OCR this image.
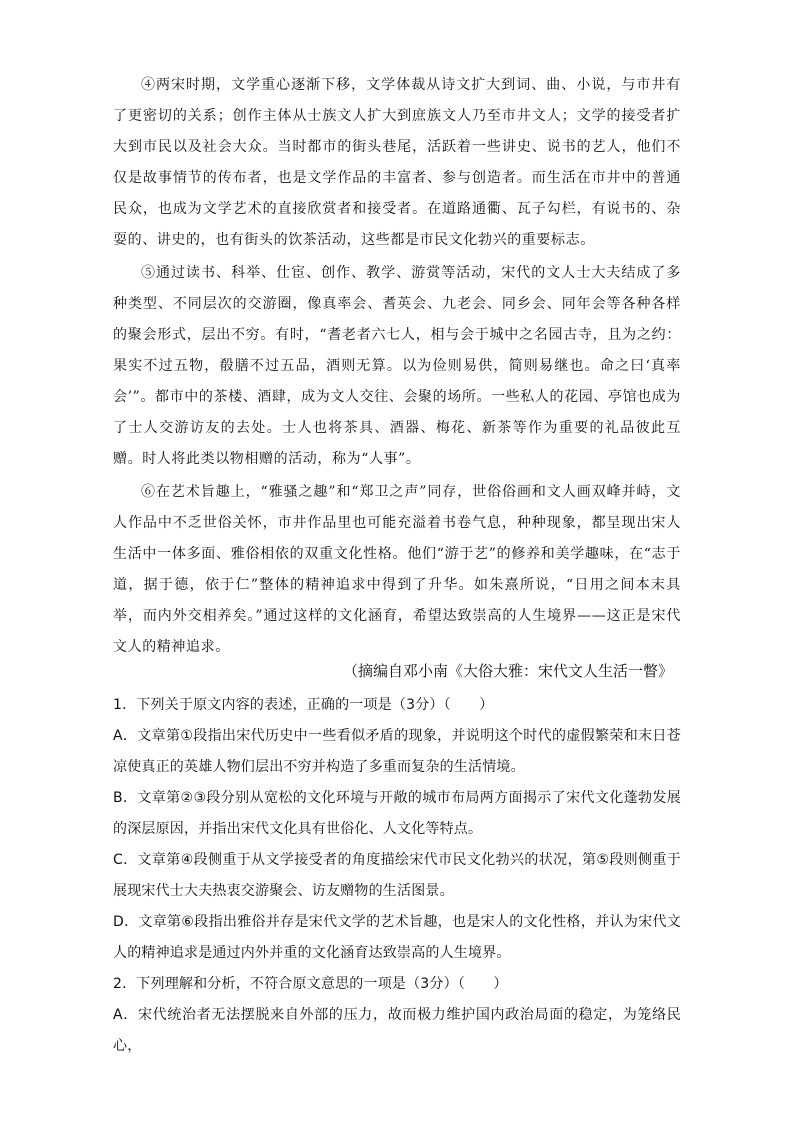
④两宋时期，文学重心逐渐下移，文学体裁从诗文扩大到词、曲、小说，与市井有了更密切的关系；创作主体从士族文人扩大到庶族文人乃至市井文人；文学的接受者扩大到市民以及社会大众。当时都市的街头巷尾，活跃着一些讲史、说书的艺人，他们不仅是故事情节的传布者，也是文学作品的丰富者、参与创造者。而生活在市井中的普通民众，也成为文学艺术的直接欣赏者和接受者。在道路通衢、瓦子勾栏，有说书的、杂耍的、讲史的，也有街头的饮茶活动，这些都是市民文化勃兴的重要标志。

⑤通过读书、科举、仕宦、创作、教学、游赏等活动，宋代的文人士大夫结成了多种类型、不同层次的交游圈，像真率会、耆英会、九老会、同乡会、同年会等各种各样的聚会形式，层出不穷。有时，“耆老者六七人，相与会于城中之名园古寺，且为之约：果实不过五物，殽膳不过五品，酒则无算。以为俭则易供，简则易继也。命之曰‘真率会’”。都市中的茶楼、酒肆，成为文人交往、会聚的场所。一些私人的花园、亭馆也成为了士人交游访友的去处。士人也将茶具、酒器、梅花、新茶等作为重要的礼品彼此互赠。时人将此类以物相赠的活动，称为“人事”。

⑥在艺术旨趣上，“雅骚之趣”和“郑卫之声”同存，世俗俗画和文人画双峰并峙，文人作品中不乏世俗关怀，市井作品里也可能充溢着书卷气息，种种现象，都呈现出宋人生活中一体多面、雅俗相依的双重文化性格。他们“游于艺”的修养和美学趣味，在“志于道，据于德，依于仁”整体的精神追求中得到了升华。如朱熹所说，“日用之间本末具举，而内外交相养矣。”通过这样的文化涵育，希望达致崇高的人生境界——这正是宋代文人的精神追求。

（摘编自邓小南《大俗大雅：宋代文人生活一瞥》

1．下列关于原文内容的表述，正确的一项是（3分）（　　）

A．文章第①段指出宋代历史中一些看似矛盾的现象，并说明这个时代的虚假繁荣和末日苍凉使真正的英雄人物们层出不穷并构造了多重而复杂的生活情境。

B．文章第②③段分别从宽松的文化环境与开敞的城市布局两方面揭示了宋代文化蓬勃发展的深层原因，并指出宋代文化具有世俗化、人文化等特点。

C．文章第④段侧重于从文学接受者的角度描绘宋代市民文化勃兴的状况，第⑤段则侧重于展现宋代士大夫热衷交游聚会、访友赠物的生活图景。

D．文章第⑥段指出雅俗并存是宋代文学的艺术旨趣，也是宋人的文化性格，并认为宋代文人的精神追求是通过内外并重的文化涵育达致崇高的人生境界。

2．下列理解和分析，不符合原文意思的一项是（3分）（　　）

A．宋代统治者无法摆脱来自外部的压力，故而极力维护国内政治局面的稳定，为笼络民心，
